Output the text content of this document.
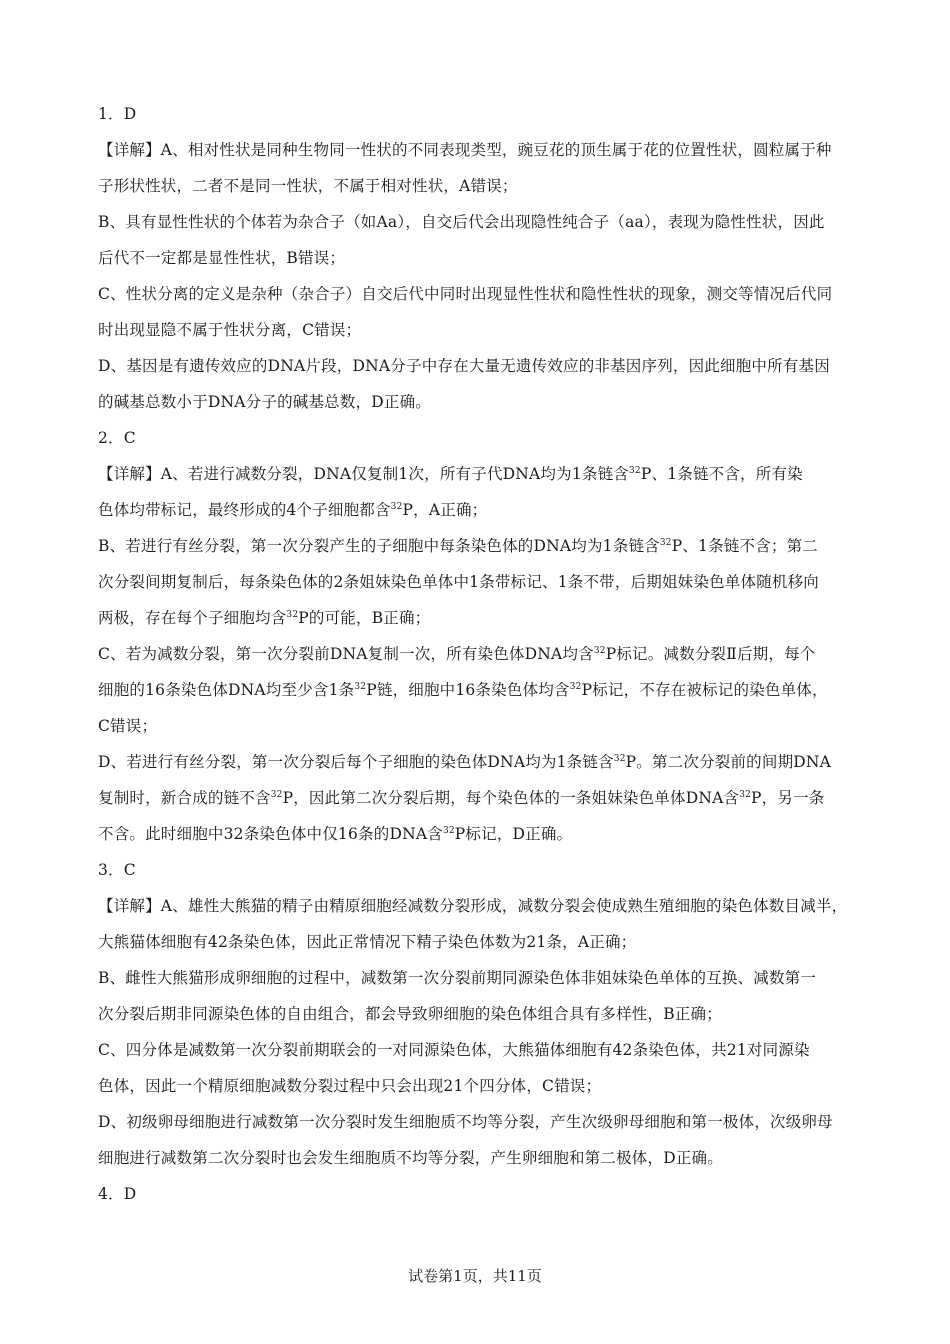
1．D
【详解】A、相对性状是同种生物同一性状的不同表现类型，豌豆花的顶生属于花的位置性状，圆粒属于种
子形状性状，二者不是同一性状，不属于相对性状，A错误；
B、具有显性性状的个体若为杂合子（如Aa），自交后代会出现隐性纯合子（aa），表现为隐性性状，因此
后代不一定都是显性性状，B错误；
C、性状分离的定义是杂种（杂合子）自交后代中同时出现显性性状和隐性性状的现象，测交等情况后代同
时出现显隐不属于性状分离，C错误；
D、基因是有遗传效应的DNA片段，DNA分子中存在大量无遗传效应的非基因序列，因此细胞中所有基因
的碱基总数小于DNA分子的碱基总数，D正确。
2．C
【详解】A、若进行减数分裂，DNA仅复制1次，所有子代DNA均为1条链含$^{32}$P、1条链不含，所有染
色体均带标记，最终形成的4个子细胞都含$^{32}$P，A正确；
B、若进行有丝分裂，第一次分裂产生的子细胞中每条染色体的DNA均为1条链含$^{32}$P、1条链不含；第二
次分裂间期复制后，每条染色体的2条姐妹染色单体中1条带标记、1条不带，后期姐妹染色单体随机移向
两极，存在每个子细胞均含$^{32}$P的可能，B正确；
C、若为减数分裂，第一次分裂前DNA复制一次，所有染色体DNA均含$^{32}$P标记。减数分裂Ⅱ后期，每个
细胞的16条染色体DNA均至少含1条$^{32}$P链，细胞中16条染色体均含$^{32}$P标记，不存在被标记的染色单体，
C错误；
D、若进行有丝分裂，第一次分裂后每个子细胞的染色体DNA均为1条链含$^{32}$P。第二次分裂前的间期DNA
复制时，新合成的链不含$^{32}$P，因此第二次分裂后期，每个染色体的一条姐妹染色单体DNA含$^{32}$P，另一条
不含。此时细胞中32条染色体中仅16条的DNA含$^{32}$P标记，D正确。
3．C
【详解】A、雄性大熊猫的精子由精原细胞经减数分裂形成，减数分裂会使成熟生殖细胞的染色体数目减半，
大熊猫体细胞有42条染色体，因此正常情况下精子染色体数为21条，A正确；
B、雌性大熊猫形成卵细胞的过程中，减数第一次分裂前期同源染色体非姐妹染色单体的互换、减数第一
次分裂后期非同源染色体的自由组合，都会导致卵细胞的染色体组合具有多样性，B正确；
C、四分体是减数第一次分裂前期联会的一对同源染色体，大熊猫体细胞有42条染色体，共21对同源染
色体，因此一个精原细胞减数分裂过程中只会出现21个四分体，C错误；
D、初级卵母细胞进行减数第一次分裂时发生细胞质不均等分裂，产生次级卵母细胞和第一极体，次级卵母
细胞进行减数第二次分裂时也会发生细胞质不均等分裂，产生卵细胞和第二极体，D正确。
4．D
试卷第1页，共11页
